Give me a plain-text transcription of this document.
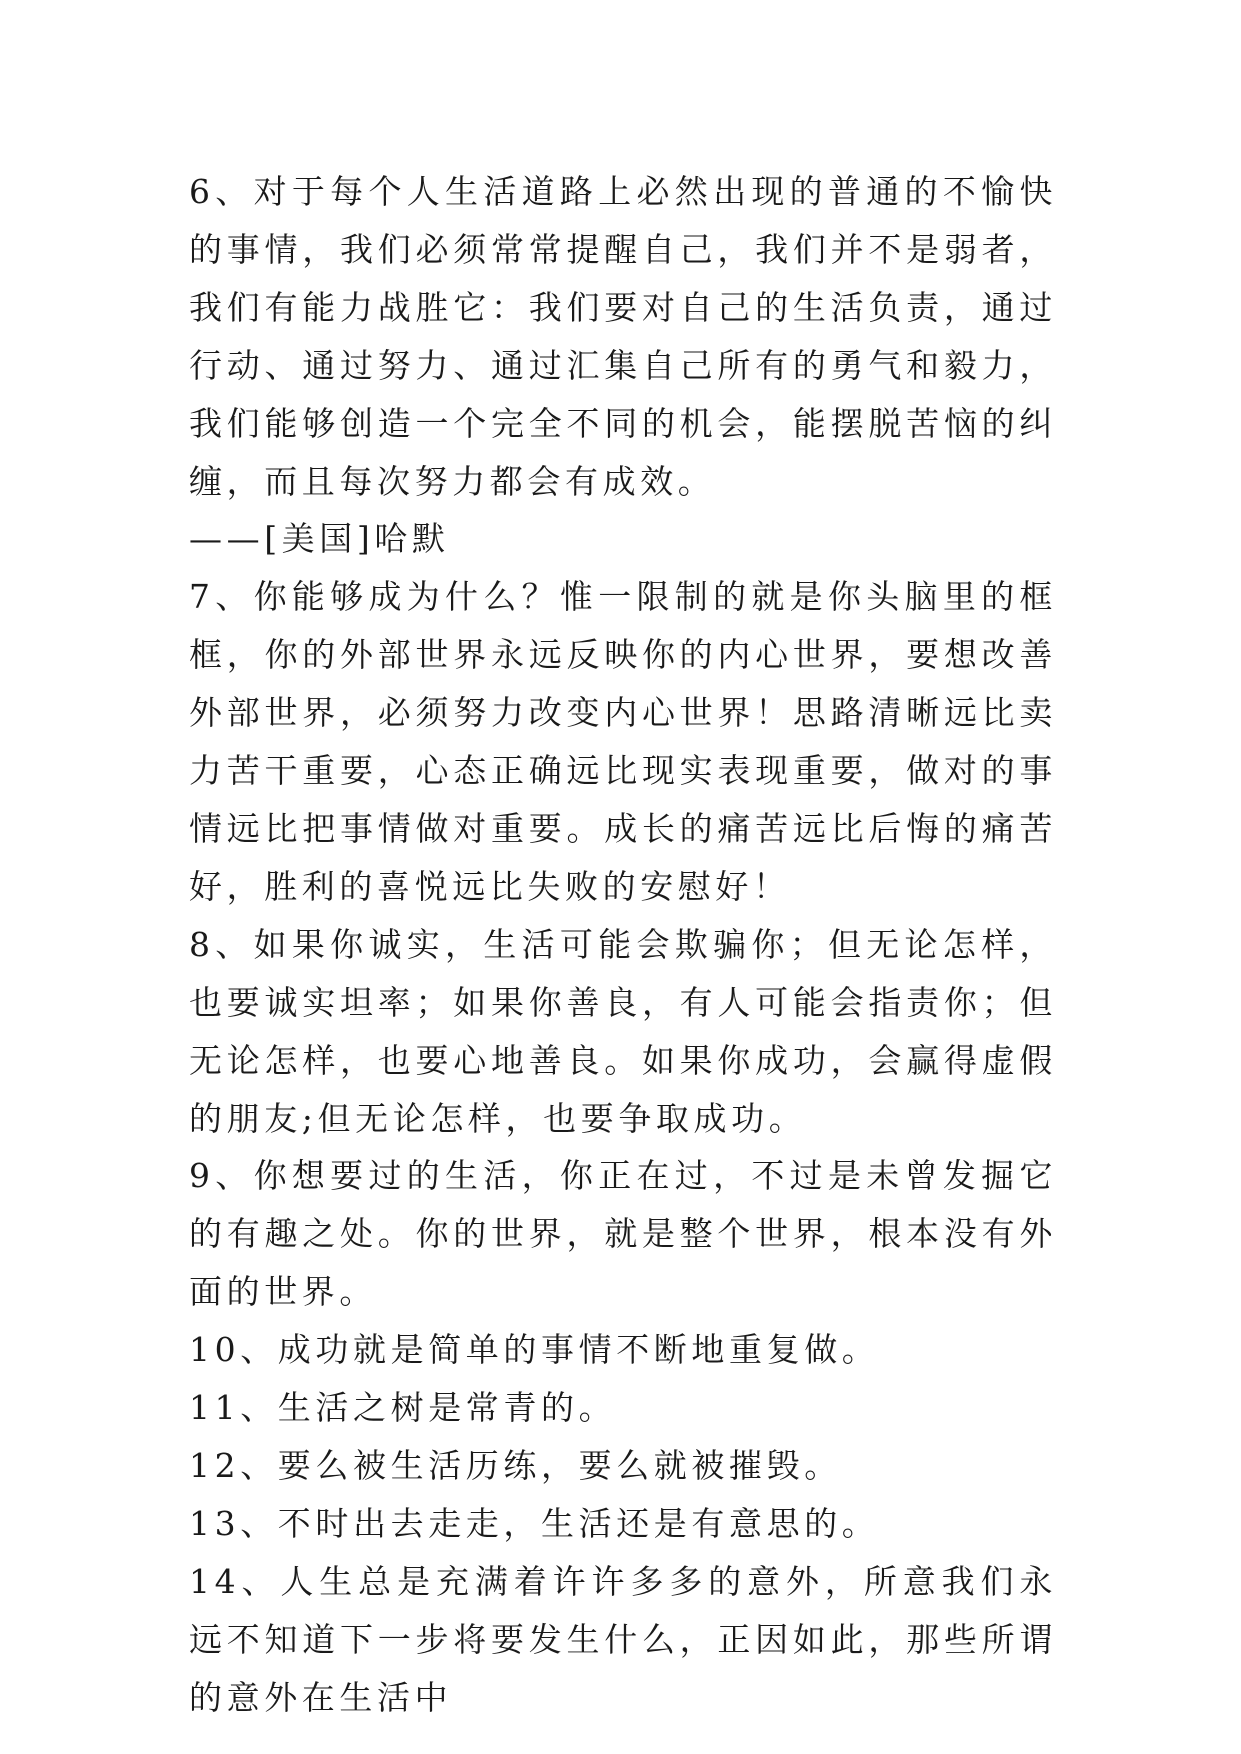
6、对于每个人生活道路上必然出现的普通的不愉快的事情，我们必须常常提醒自己，我们并不是弱者，我们有能力战胜它：我们要对自己的生活负责，通过行动、通过努力、通过汇集自己所有的勇气和毅力，我们能够创造一个完全不同的机会，能摆脱苦恼的纠缠，而且每次努力都会有成效。

——[美国]哈默

7、你能够成为什么？惟一限制的就是你头脑里的框框，你的外部世界永远反映你的内心世界，要想改善外部世界，必须努力改变内心世界！思路清晰远比卖力苦干重要，心态正确远比现实表现重要，做对的事情远比把事情做对重要。成长的痛苦远比后悔的痛苦好，胜利的喜悦远比失败的安慰好！

8、如果你诚实，生活可能会欺骗你；但无论怎样，也要诚实坦率；如果你善良，有人可能会指责你；但无论怎样，也要心地善良。如果你成功，会赢得虚假的朋友;但无论怎样，也要争取成功。

9、你想要过的生活，你正在过，不过是未曾发掘它的有趣之处。你的世界，就是整个世界，根本没有外面的世界。

10、成功就是简单的事情不断地重复做。

11、生活之树是常青的。

12、要么被生活历练，要么就被摧毁。

13、不时出去走走，生活还是有意思的。

14、人生总是充满着许许多多的意外，所意我们永远不知道下一步将要发生什么，正因如此，那些所谓的意外在生活中
